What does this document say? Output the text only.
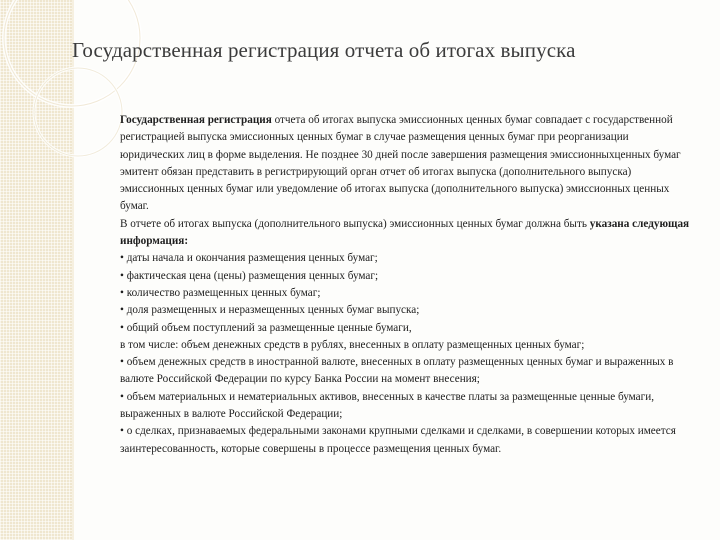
Государственная регистрация отчета об итогах выпуска

Государственная регистрация отчета об итогах выпуска эмиссионных ценных бумаг совпадает с государственной регистрацией выпуска эмиссионных ценных бумаг в случае размещения ценных бумаг при реорганизации юридических лиц в форме выделения. Не позднее 30 дней после завершения размещения эмиссионныхценных бумаг эмитент обязан представить в регистрирующий орган отчет об итогах выпуска (дополнительного выпуска) эмиссионных ценных бумаг или уведомление об итогах выпуска (дополнительного выпуска) эмиссионных ценных бумаг.

В отчете об итогах выпуска (дополнительного выпуска) эмиссионных ценных бумаг должна быть указана следующая информация:

• даты начала и окончания размещения ценных бумаг;

• фактическая цена (цены) размещения ценных бумаг;

• количество размещенных ценных бумаг;

• доля размещенных и неразмещенных ценных бумаг выпуска;

• общий объем поступлений за размещенные ценные бумаги,

в том числе: объем денежных средств в рублях, внесенных в оплату размещенных ценных бумаг;

• объем денежных средств в иностранной валюте, внесенных в оплату размещенных ценных бумаг и выраженных в валюте Российской Федерации по курсу Банка России на момент внесения;

• объем материальных и нематериальных активов, внесенных в качестве платы за размещенные ценные бумаги, выраженных в валюте Российской Федерации;

• о сделках, признаваемых федеральными законами крупными сделками и сделками, в совершении которых имеется заинтересованность, которые совершены в процессе размещения ценных бумаг.
